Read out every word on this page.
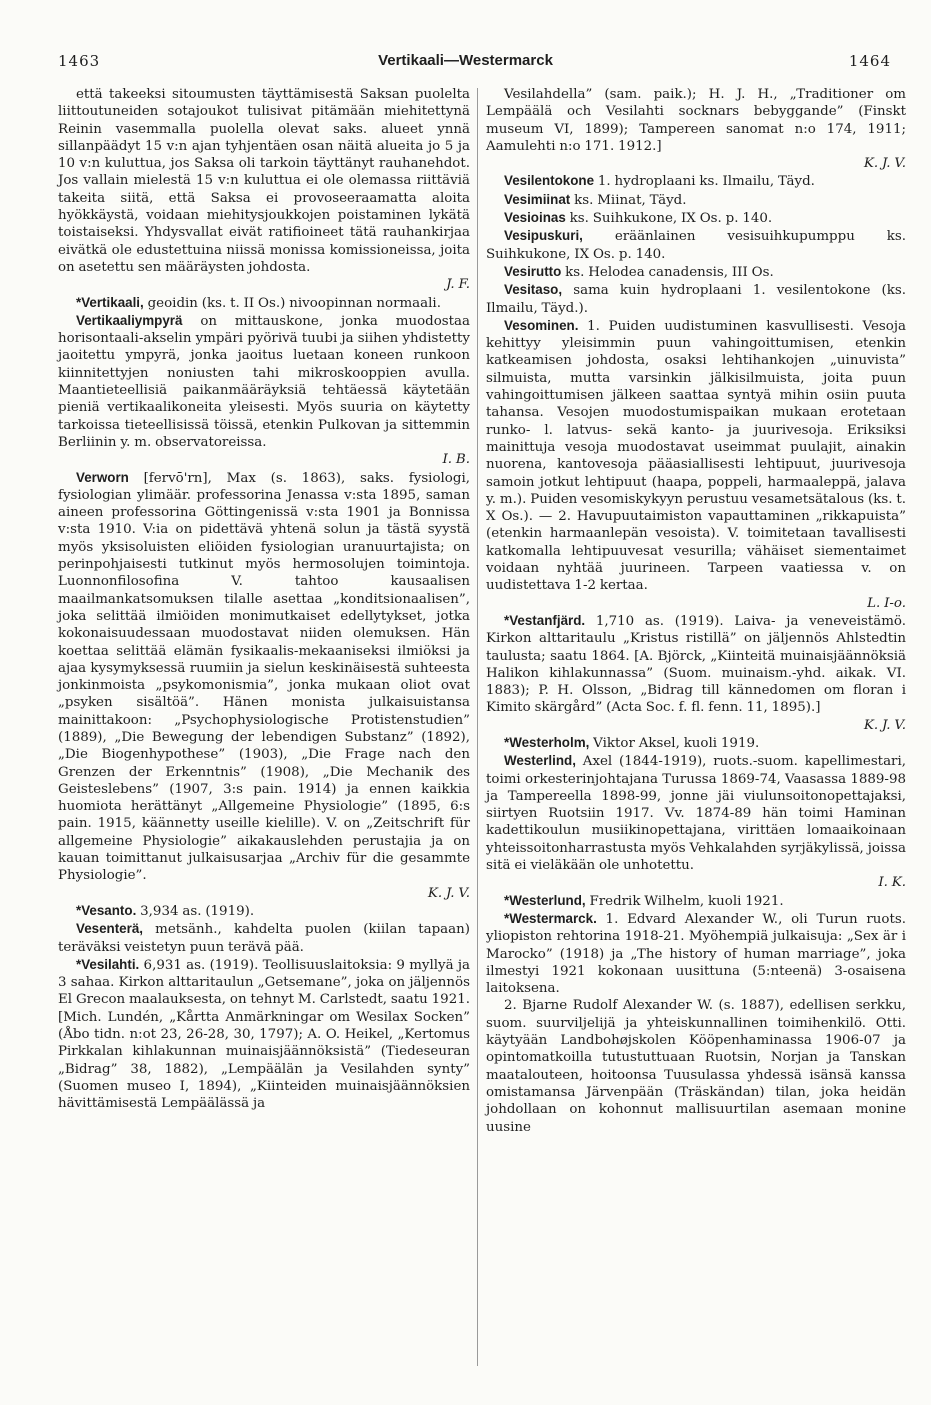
1463	Vertikaali—Westermarck	1464

että takeeksi sitoumusten täyttämisestä Saksan puolelta liittoutuneiden sotajoukot tulisivat pitämään miehitettynä Reinin vasemmalla puolella olevat saks. alueet ynnä sillanpäädyt 15 v:n ajan tyhjentäen osan näitä alueita jo 5 ja 10 v:n kuluttua, jos Saksa oli tarkoin täyttänyt rauhanehdot. Jos vallain mielestä 15 v:n kuluttua ei ole olemassa riittäviä takeita siitä, että Saksa ei provoseeraamatta aloita hyökkäystä, voidaan miehitysjoukkojen poistaminen lykätä toistaiseksi. Yhdysvallat eivät ratifioineet tätä rauhankirjaa eivätkä ole edustettuina niissä monissa komissioneissa, joita on asetettu sen määräysten johdosta.

J. F.

*Vertikaali, geoidin (ks. t. II Os.) nivoopinnan normaali.

Vertikaaliympyrä on mittauskone, jonka muodostaa horisontaali-akselin ympäri pyörivä tuubi ja siihen yhdistetty jaoitettu ympyrä, jonka jaoitus luetaan koneen runkoon kiinnitettyjen noniusten tahi mikroskooppien avulla. Maantieteellisiä paikanmääräyksiä tehtäessä käytetään pieniä vertikaalikoneita yleisesti. Myös suuria on käytetty tarkoissa tieteellisissä töissä, etenkin Pulkovan ja sittemmin Berliinin y. m. observatoreissa.

I. B.

Verworn [fervō'rn], Max (s. 1863), saks. fysiologi, fysiologian ylimäär. professorina Jenassa v:sta 1895, saman aineen professorina Göttingenissä v:sta 1901 ja Bonnissa v:sta 1910. V:ia on pidettävä yhtenä solun ja tästä syystä myös yksisoluisten eliöiden fysiologian uranuurtajista; on perinpohjaisesti tutkinut myös hermosolujen toimintoja. Luonnonfilosofina V. tahtoo kausaalisen maailmankatsomuksen tilalle asettaa „konditsionaalisen”, joka selittää ilmiöiden monimutkaiset edellytykset, jotka kokonaisuudessaan muodostavat niiden olemuksen. Hän koettaa selittää elämän fysikaalis-mekaaniseksi ilmiöksi ja ajaa kysymyksessä ruumiin ja sielun keskinäisestä suhteesta jonkinmoista „psykomonismia”, jonka mukaan oliot ovat „psyken sisältöä”. Hänen monista julkaisuistansa mainittakoon: „Psychophysiologische Protistenstudien” (1889), „Die Bewegung der lebendigen Substanz” (1892), „Die Biogenhypothese” (1903), „Die Frage nach den Grenzen der Erkenntnis” (1908), „Die Mechanik des Geisteslebens” (1907, 3:s pain. 1914) ja ennen kaikkia huomiota herättänyt „Allgemeine Physiologie” (1895, 6:s pain. 1915, käännetty useille kielille). V. on „Zeitschrift für allgemeine Physiologie” aikakauslehden perustajia ja on kauan toimittanut julkaisusarjaa „Archiv für die gesammte Physiologie”.

K. J. V.

*Vesanto. 3,934 as. (1919).

Vesenterä, metsänh., kahdelta puolen (kiilan tapaan) teräväksi veistetyn puun terävä pää.

*Vesilahti. 6,931 as. (1919). Teollisuuslaitoksia: 9 myllyä ja 3 sahaa. Kirkon alttaritaulun „Getsemane”, joka on jäljennös El Grecon maalauksesta, on tehnyt M. Carlstedt, saatu 1921. [Mich. Lundén, „Kårtta Anmärkningar om Wesilax Socken” (Åbo tidn. n:ot 23, 26-28, 30, 1797); A. O. Heikel, „Kertomus Pirkkalan kihlakunnan muinaisjäännöksistä” (Tiedeseuran „Bidrag” 38, 1882), „Lempäälän ja Vesilahden synty” (Suomen museo I, 1894), „Kiinteiden muinaisjäännöksien hävittämisestä Lempäälässä ja

Vesilahdella” (sam. paik.); H. J. H., „Traditioner om Lempäälä och Vesilahti socknars bebyggande” (Finskt museum VI, 1899); Tampereen sanomat n:o 174, 1911; Aamulehti n:o 171. 1912.]

K. J. V.

Vesilentokone 1. hydroplaani ks. Ilmailu, Täyd.

Vesimiinat ks. Miinat, Täyd.

Vesioinas ks. Suihkukone, IX Os. p. 140.

Vesipuskuri, eräänlainen vesisuihkupumppu ks. Suihkukone, IX Os. p. 140.

Vesirutto ks. Helodea canadensis, III Os.

Vesitaso, sama kuin hydroplaani 1. vesilentokone (ks. Ilmailu, Täyd.).

Vesominen. 1. Puiden uudistuminen kasvullisesti. Vesoja kehittyy yleisimmin puun vahingoittumisen, etenkin katkeamisen johdosta, osaksi lehtihankojen „uinuvista” silmuista, mutta varsinkin jälkisilmuista, joita puun vahingoittumisen jälkeen saattaa syntyä mihin osiin puuta tahansa. Vesojen muodostumispaikan mukaan erotetaan runko- l. latvus- sekä kanto- ja juurivesoja. Eriksiksi mainittuja vesoja muodostavat useimmat puulajit, ainakin nuorena, kantovesoja pääasiallisesti lehtipuut, juurivesoja samoin jotkut lehtipuut (haapa, poppeli, harmaaleppä, jalava y. m.). Puiden vesomiskykyyn perustuu vesametsätalous (ks. t. X Os.). — 2. Havupuutaimiston vapauttaminen „rikkapuista” (etenkin harmaanlepän vesoista). V. toimitetaan tavallisesti katkomalla lehtipuuvesat vesurilla; vähäiset siementaimet voidaan nyhtää juurineen. Tarpeen vaatiessa v. on uudistettava 1-2 kertaa.

L. I-o.

*Vestanfjärd. 1,710 as. (1919). Laiva- ja veneveistämö. Kirkon alttaritaulu „Kristus ristillä” on jäljennös Ahlstedtin taulusta; saatu 1864. [A. Björck, „Kiinteitä muinaisjäännöksiä Halikon kihlakunnassa” (Suom. muinaism.-yhd. aikak. VI. 1883); P. H. Olsson, „Bidrag till kännedomen om floran i Kimito skärgård” (Acta Soc. f. fl. fenn. 11, 1895).]

K. J. V.

*Westerholm, Viktor Aksel, kuoli 1919.

Westerlind, Axel (1844-1919), ruots.-suom. kapellimestari, toimi orkesterinjohtajana Turussa 1869-74, Vaasassa 1889-98 ja Tampereella 1898-99, jonne jäi viulunsoitonopettajaksi, siirtyen Ruotsiin 1917. Vv. 1874-89 hän toimi Haminan kadettikoulun musiikinopettajana, virittäen lomaaikoinaan yhteissoitonharrastusta myös Vehkalahden syrjäkylissä, joissa sitä ei vieläkään ole unhotettu.

I. K.

*Westerlund, Fredrik Wilhelm, kuoli 1921.

*Westermarck. 1. Edvard Alexander W., oli Turun ruots. yliopiston rehtorina 1918-21. Myöhempiä julkaisuja: „Sex är i Marocko” (1918) ja „The history of human marriage”, joka ilmestyi 1921 kokonaan uusittuna (5:nteenä) 3-osaisena laitoksena.

2. Bjarne Rudolf Alexander W. (s. 1887), edellisen serkku, suom. suurviljelijä ja yhteiskunnallinen toimihenkilö. Otti. käytyään Landbohøjskolen Kööpenhaminassa 1906-07 ja opintomatkoilla tutustuttuaan Ruotsin, Norjan ja Tanskan maatalouteen, hoitoonsa Tuusulassa yhdessä isänsä kanssa omistamansa Järvenpään (Träskändan) tilan, joka heidän johdollaan on kohonnut mallisuurtilan asemaan monine uusine
